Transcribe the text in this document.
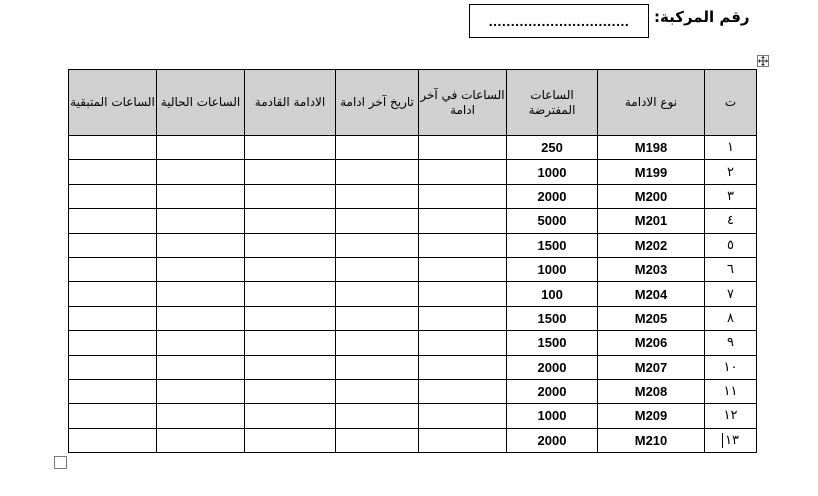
رقم المركبة:
................................
ت	نوع الادامة	الساعات المفترضة	الساعات في آخر ادامة	تاريخ آخر ادامة	الادامة القادمة	الساعات الحالية	الساعات المتبقية
١	M198	250					
٢	M199	1000					
٣	M200	2000					
٤	M201	5000					
٥	M202	1500					
٦	M203	1000					
٧	M204	100					
٨	M205	1500					
٩	M206	1500					
١٠	M207	2000					
١١	M208	2000					
١٢	M209	1000					
١٣	M210	2000					
